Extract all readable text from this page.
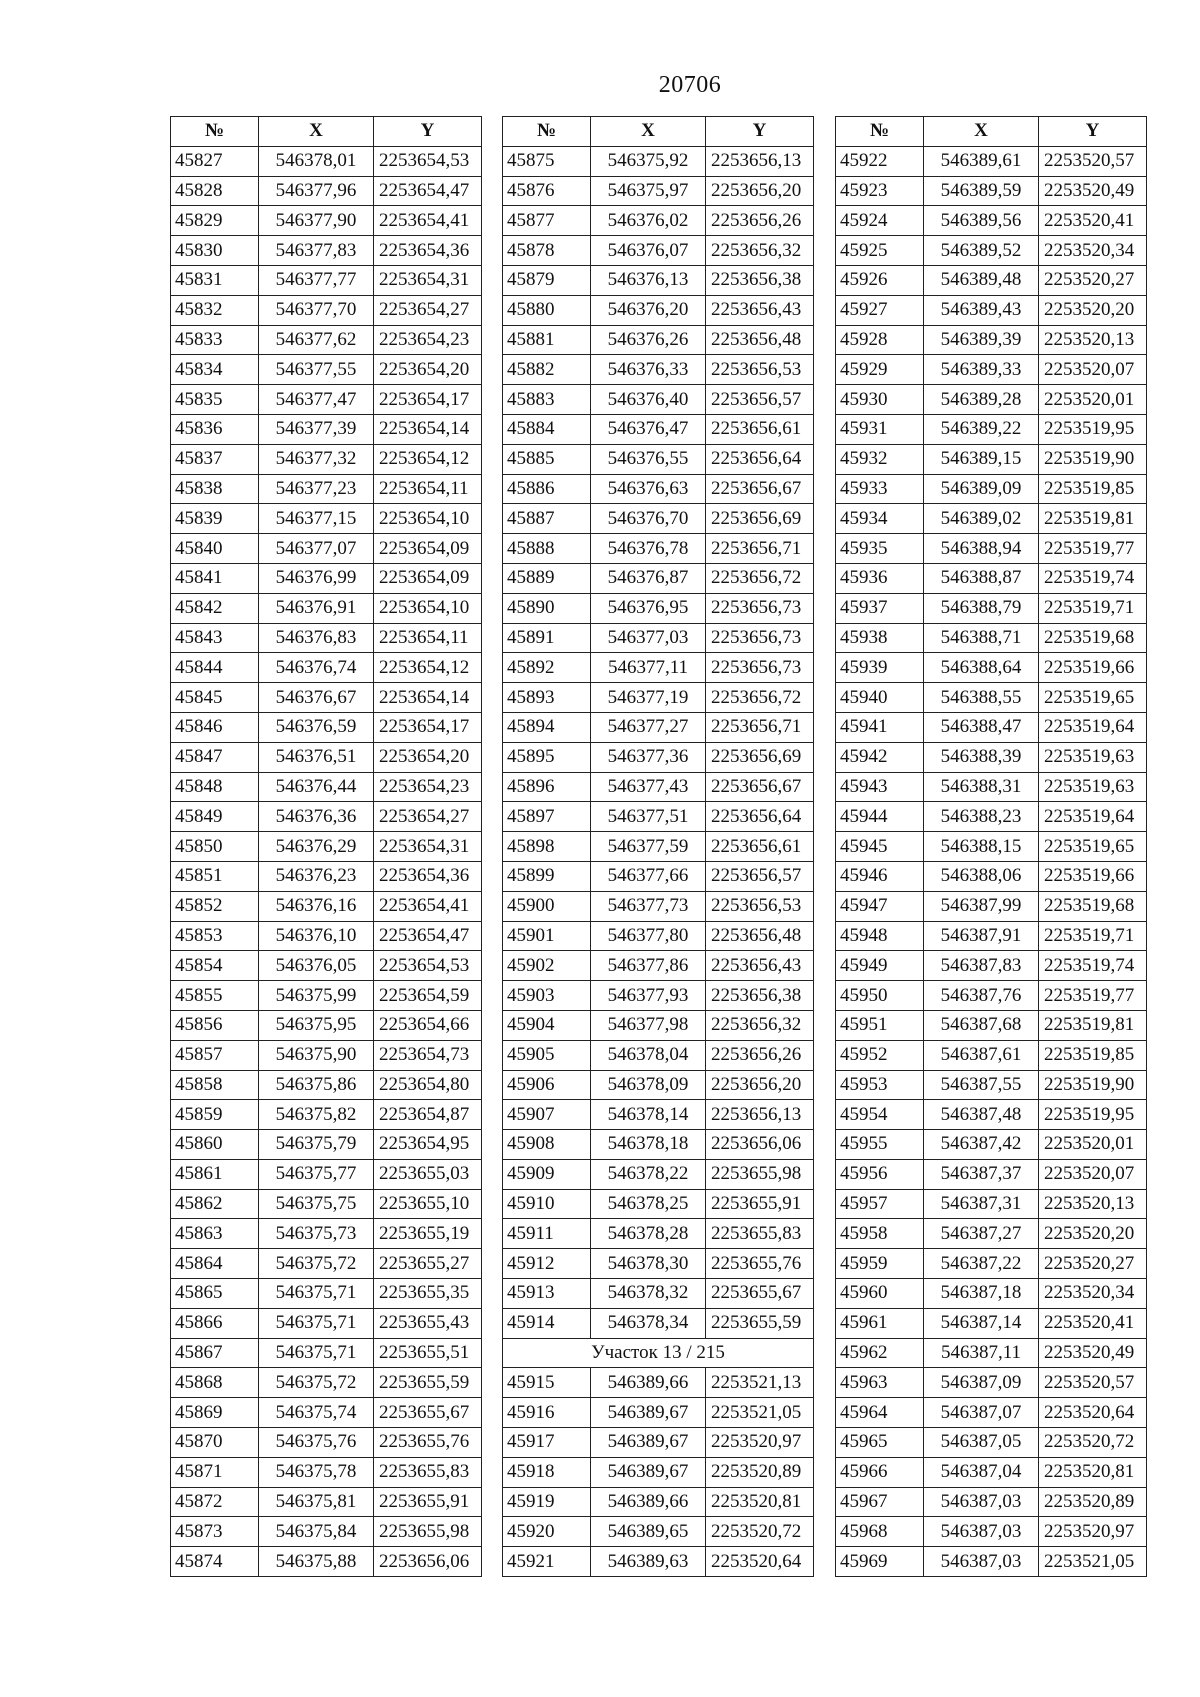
20706
№	X	Y
45827	546378,01	2253654,53
45828	546377,96	2253654,47
45829	546377,90	2253654,41
45830	546377,83	2253654,36
45831	546377,77	2253654,31
45832	546377,70	2253654,27
45833	546377,62	2253654,23
45834	546377,55	2253654,20
45835	546377,47	2253654,17
45836	546377,39	2253654,14
45837	546377,32	2253654,12
45838	546377,23	2253654,11
45839	546377,15	2253654,10
45840	546377,07	2253654,09
45841	546376,99	2253654,09
45842	546376,91	2253654,10
45843	546376,83	2253654,11
45844	546376,74	2253654,12
45845	546376,67	2253654,14
45846	546376,59	2253654,17
45847	546376,51	2253654,20
45848	546376,44	2253654,23
45849	546376,36	2253654,27
45850	546376,29	2253654,31
45851	546376,23	2253654,36
45852	546376,16	2253654,41
45853	546376,10	2253654,47
45854	546376,05	2253654,53
45855	546375,99	2253654,59
45856	546375,95	2253654,66
45857	546375,90	2253654,73
45858	546375,86	2253654,80
45859	546375,82	2253654,87
45860	546375,79	2253654,95
45861	546375,77	2253655,03
45862	546375,75	2253655,10
45863	546375,73	2253655,19
45864	546375,72	2253655,27
45865	546375,71	2253655,35
45866	546375,71	2253655,43
45867	546375,71	2253655,51
45868	546375,72	2253655,59
45869	546375,74	2253655,67
45870	546375,76	2253655,76
45871	546375,78	2253655,83
45872	546375,81	2253655,91
45873	546375,84	2253655,98
45874	546375,88	2253656,06
№	X	Y
45875	546375,92	2253656,13
45876	546375,97	2253656,20
45877	546376,02	2253656,26
45878	546376,07	2253656,32
45879	546376,13	2253656,38
45880	546376,20	2253656,43
45881	546376,26	2253656,48
45882	546376,33	2253656,53
45883	546376,40	2253656,57
45884	546376,47	2253656,61
45885	546376,55	2253656,64
45886	546376,63	2253656,67
45887	546376,70	2253656,69
45888	546376,78	2253656,71
45889	546376,87	2253656,72
45890	546376,95	2253656,73
45891	546377,03	2253656,73
45892	546377,11	2253656,73
45893	546377,19	2253656,72
45894	546377,27	2253656,71
45895	546377,36	2253656,69
45896	546377,43	2253656,67
45897	546377,51	2253656,64
45898	546377,59	2253656,61
45899	546377,66	2253656,57
45900	546377,73	2253656,53
45901	546377,80	2253656,48
45902	546377,86	2253656,43
45903	546377,93	2253656,38
45904	546377,98	2253656,32
45905	546378,04	2253656,26
45906	546378,09	2253656,20
45907	546378,14	2253656,13
45908	546378,18	2253656,06
45909	546378,22	2253655,98
45910	546378,25	2253655,91
45911	546378,28	2253655,83
45912	546378,30	2253655,76
45913	546378,32	2253655,67
45914	546378,34	2253655,59
Участок 13 / 215		
45915	546389,66	2253521,13
45916	546389,67	2253521,05
45917	546389,67	2253520,97
45918	546389,67	2253520,89
45919	546389,66	2253520,81
45920	546389,65	2253520,72
45921	546389,63	2253520,64
№	X	Y
45922	546389,61	2253520,57
45923	546389,59	2253520,49
45924	546389,56	2253520,41
45925	546389,52	2253520,34
45926	546389,48	2253520,27
45927	546389,43	2253520,20
45928	546389,39	2253520,13
45929	546389,33	2253520,07
45930	546389,28	2253520,01
45931	546389,22	2253519,95
45932	546389,15	2253519,90
45933	546389,09	2253519,85
45934	546389,02	2253519,81
45935	546388,94	2253519,77
45936	546388,87	2253519,74
45937	546388,79	2253519,71
45938	546388,71	2253519,68
45939	546388,64	2253519,66
45940	546388,55	2253519,65
45941	546388,47	2253519,64
45942	546388,39	2253519,63
45943	546388,31	2253519,63
45944	546388,23	2253519,64
45945	546388,15	2253519,65
45946	546388,06	2253519,66
45947	546387,99	2253519,68
45948	546387,91	2253519,71
45949	546387,83	2253519,74
45950	546387,76	2253519,77
45951	546387,68	2253519,81
45952	546387,61	2253519,85
45953	546387,55	2253519,90
45954	546387,48	2253519,95
45955	546387,42	2253520,01
45956	546387,37	2253520,07
45957	546387,31	2253520,13
45958	546387,27	2253520,20
45959	546387,22	2253520,27
45960	546387,18	2253520,34
45961	546387,14	2253520,41
45962	546387,11	2253520,49
45963	546387,09	2253520,57
45964	546387,07	2253520,64
45965	546387,05	2253520,72
45966	546387,04	2253520,81
45967	546387,03	2253520,89
45968	546387,03	2253520,97
45969	546387,03	2253521,05
